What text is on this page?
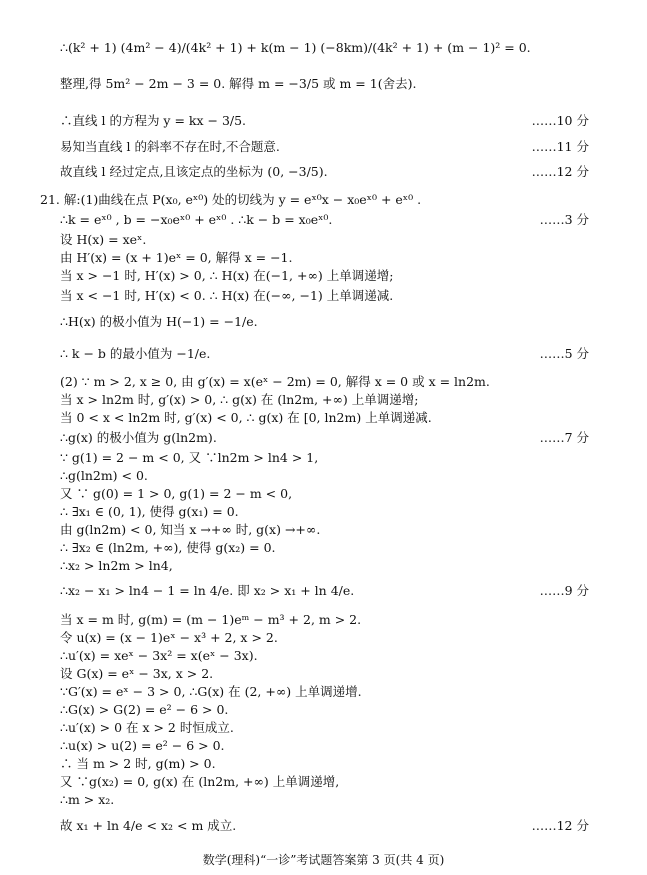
∴(k² + 1) (4m² − 4)/(4k² + 1) + k(m − 1) (−8km)/(4k² + 1) + (m − 1)² = 0.
整理,得 5m² − 2m − 3 = 0. 解得 m = −3/5 或 m = 1(舍去).
∴直线 l 的方程为 y = kx − 3/5.
易知当直线 l 的斜率不存在时,不合题意.
故直线 l 经过定点,且该定点的坐标为 (0, −3/5).
21. 解:(1)曲线在点 P(x₀, eˣ⁰) 处的切线为 y = eˣ⁰x − x₀eˣ⁰ + eˣ⁰ .
∴k = eˣ⁰ , b = −x₀eˣ⁰ + eˣ⁰ . ∴k − b = x₀eˣ⁰.
设 H(x) = xeˣ.
由 H′(x) = (x + 1)eˣ = 0, 解得 x = −1.
当 x > −1 时, H′(x) > 0, ∴ H(x) 在(−1, +∞) 上单调递增;
当 x < −1 时, H′(x) < 0. ∴ H(x) 在(−∞, −1) 上单调递减.
∴H(x) 的极小值为 H(−1) = −1/e.
∴ k − b 的最小值为 −1/e.
(2) ∵ m > 2, x ≥ 0, 由 g′(x) = x(eˣ − 2m) = 0, 解得 x = 0 或 x = ln2m.
当 x > ln2m 时, g′(x) > 0, ∴ g(x) 在 (ln2m, +∞) 上单调递增;
当 0 < x < ln2m 时, g′(x) < 0, ∴ g(x) 在 [0, ln2m) 上单调递减.
∴g(x) 的极小值为 g(ln2m).
∵ g(1) = 2 − m < 0, 又 ∵ln2m > ln4 > 1,
∴g(ln2m) < 0.
又 ∵ g(0) = 1 > 0, g(1) = 2 − m < 0,
∴ ∃x₁ ∈ (0, 1), 使得 g(x₁) = 0.
由 g(ln2m) < 0, 知当 x →+∞ 时, g(x) →+∞.
∴ ∃x₂ ∈ (ln2m, +∞), 使得 g(x₂) = 0.
∴x₂ > ln2m > ln4,
∴x₂ − x₁ > ln4 − 1 = ln 4/e. 即 x₂ > x₁ + ln 4/e.
当 x = m 时, g(m) = (m − 1)eᵐ − m³ + 2, m > 2.
令 u(x) = (x − 1)eˣ − x³ + 2, x > 2.
∴u′(x) = xeˣ − 3x² = x(eˣ − 3x).
设 G(x) = eˣ − 3x, x > 2.
∵G′(x) = eˣ − 3 > 0, ∴G(x) 在 (2, +∞) 上单调递增.
∴G(x) > G(2) = e² − 6 > 0.
∴u′(x) > 0 在 x > 2 时恒成立.
∴u(x) > u(2) = e² − 6 > 0.
∴ 当 m > 2 时, g(m) > 0.
又 ∵g(x₂) = 0, g(x) 在 (ln2m, +∞) 上单调递增,
∴m > x₂.
故 x₁ + ln 4/e < x₂ < m 成立.
……10 分
……11 分
……12 分
……3 分
……5 分
……7 分
……9 分
……12 分
数学(理科)“一诊”考试题答案第 3 页(共 4 页)
